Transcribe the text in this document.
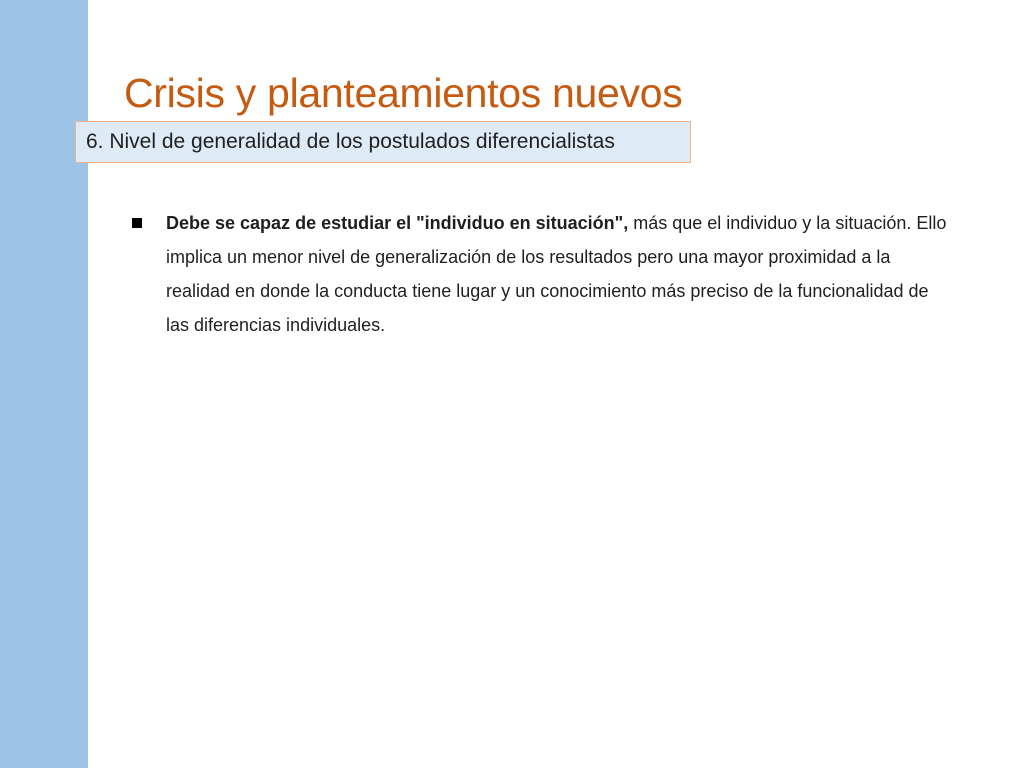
Crisis y planteamientos nuevos
6. Nivel de generalidad de los postulados diferencialistas
Debe se capaz de estudiar el "individuo en situación", más que el individuo y la situación. Ello implica un menor nivel de generalización de los resultados pero una mayor proximidad a la realidad en donde la conducta tiene lugar y un conocimiento más preciso de la funcionalidad de las diferencias individuales.
